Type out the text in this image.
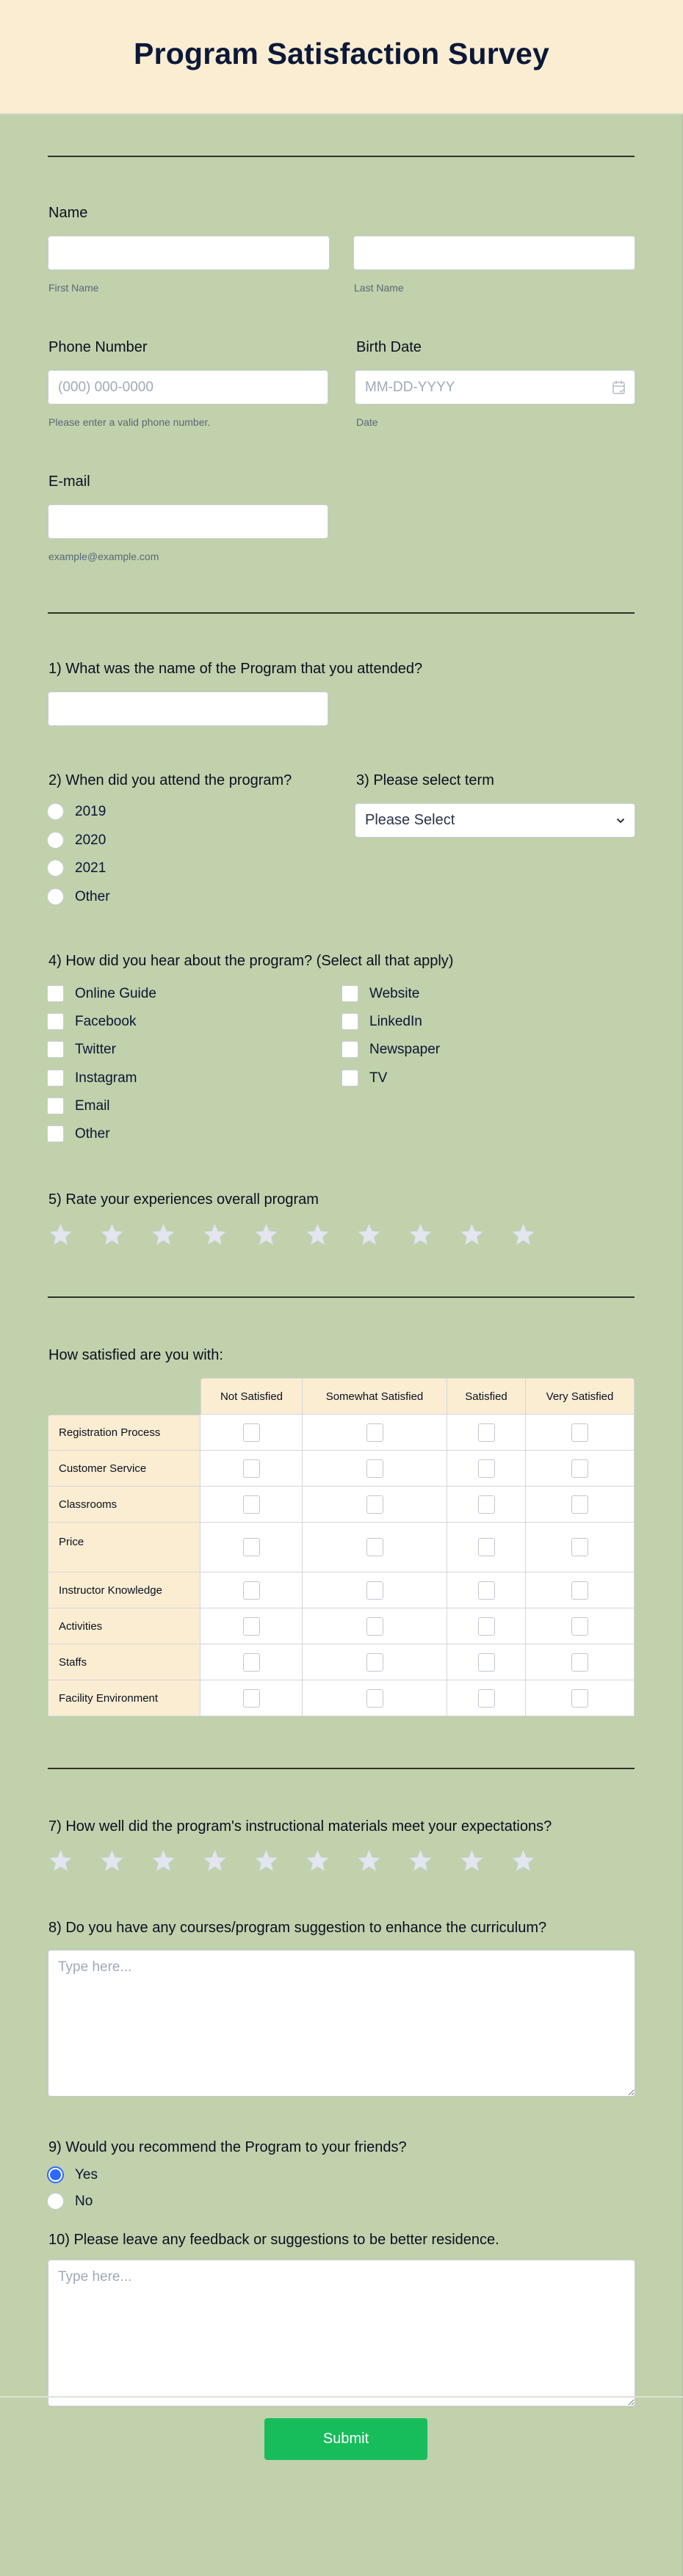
Program Satisfaction Survey
Name
First Name	Last Name
Phone Number
(000) 000-0000
Please enter a valid phone number.
Birth Date
MM-DD-YYYY
Date
E-mail
example@example.com
1) What was the name of the Program that you attended?
2) When did you attend the program?
2019
2020
2021
Other
3) Please select term
Please Select
4) How did you hear about the program? (Select all that apply)
Online Guide
Facebook
Twitter
Instagram
Email
Other
Website
LinkedIn
Newspaper
TV
5) Rate your experiences overall program
How satisfied are you with:
	Not Satisfied	Somewhat Satisfied	Satisfied	Very Satisfied
Registration Process				
Customer Service				
Classrooms				
Price				
Instructor Knowledge				
Activities				
Staffs				
Facility Environment				
7) How well did the program's instructional materials meet your expectations?
8) Do you have any courses/program suggestion to enhance the curriculum?
Type here...
9) Would you recommend the Program to your friends?
Yes
No
10) Please leave any feedback or suggestions to be better residence.
Type here...
Submit
